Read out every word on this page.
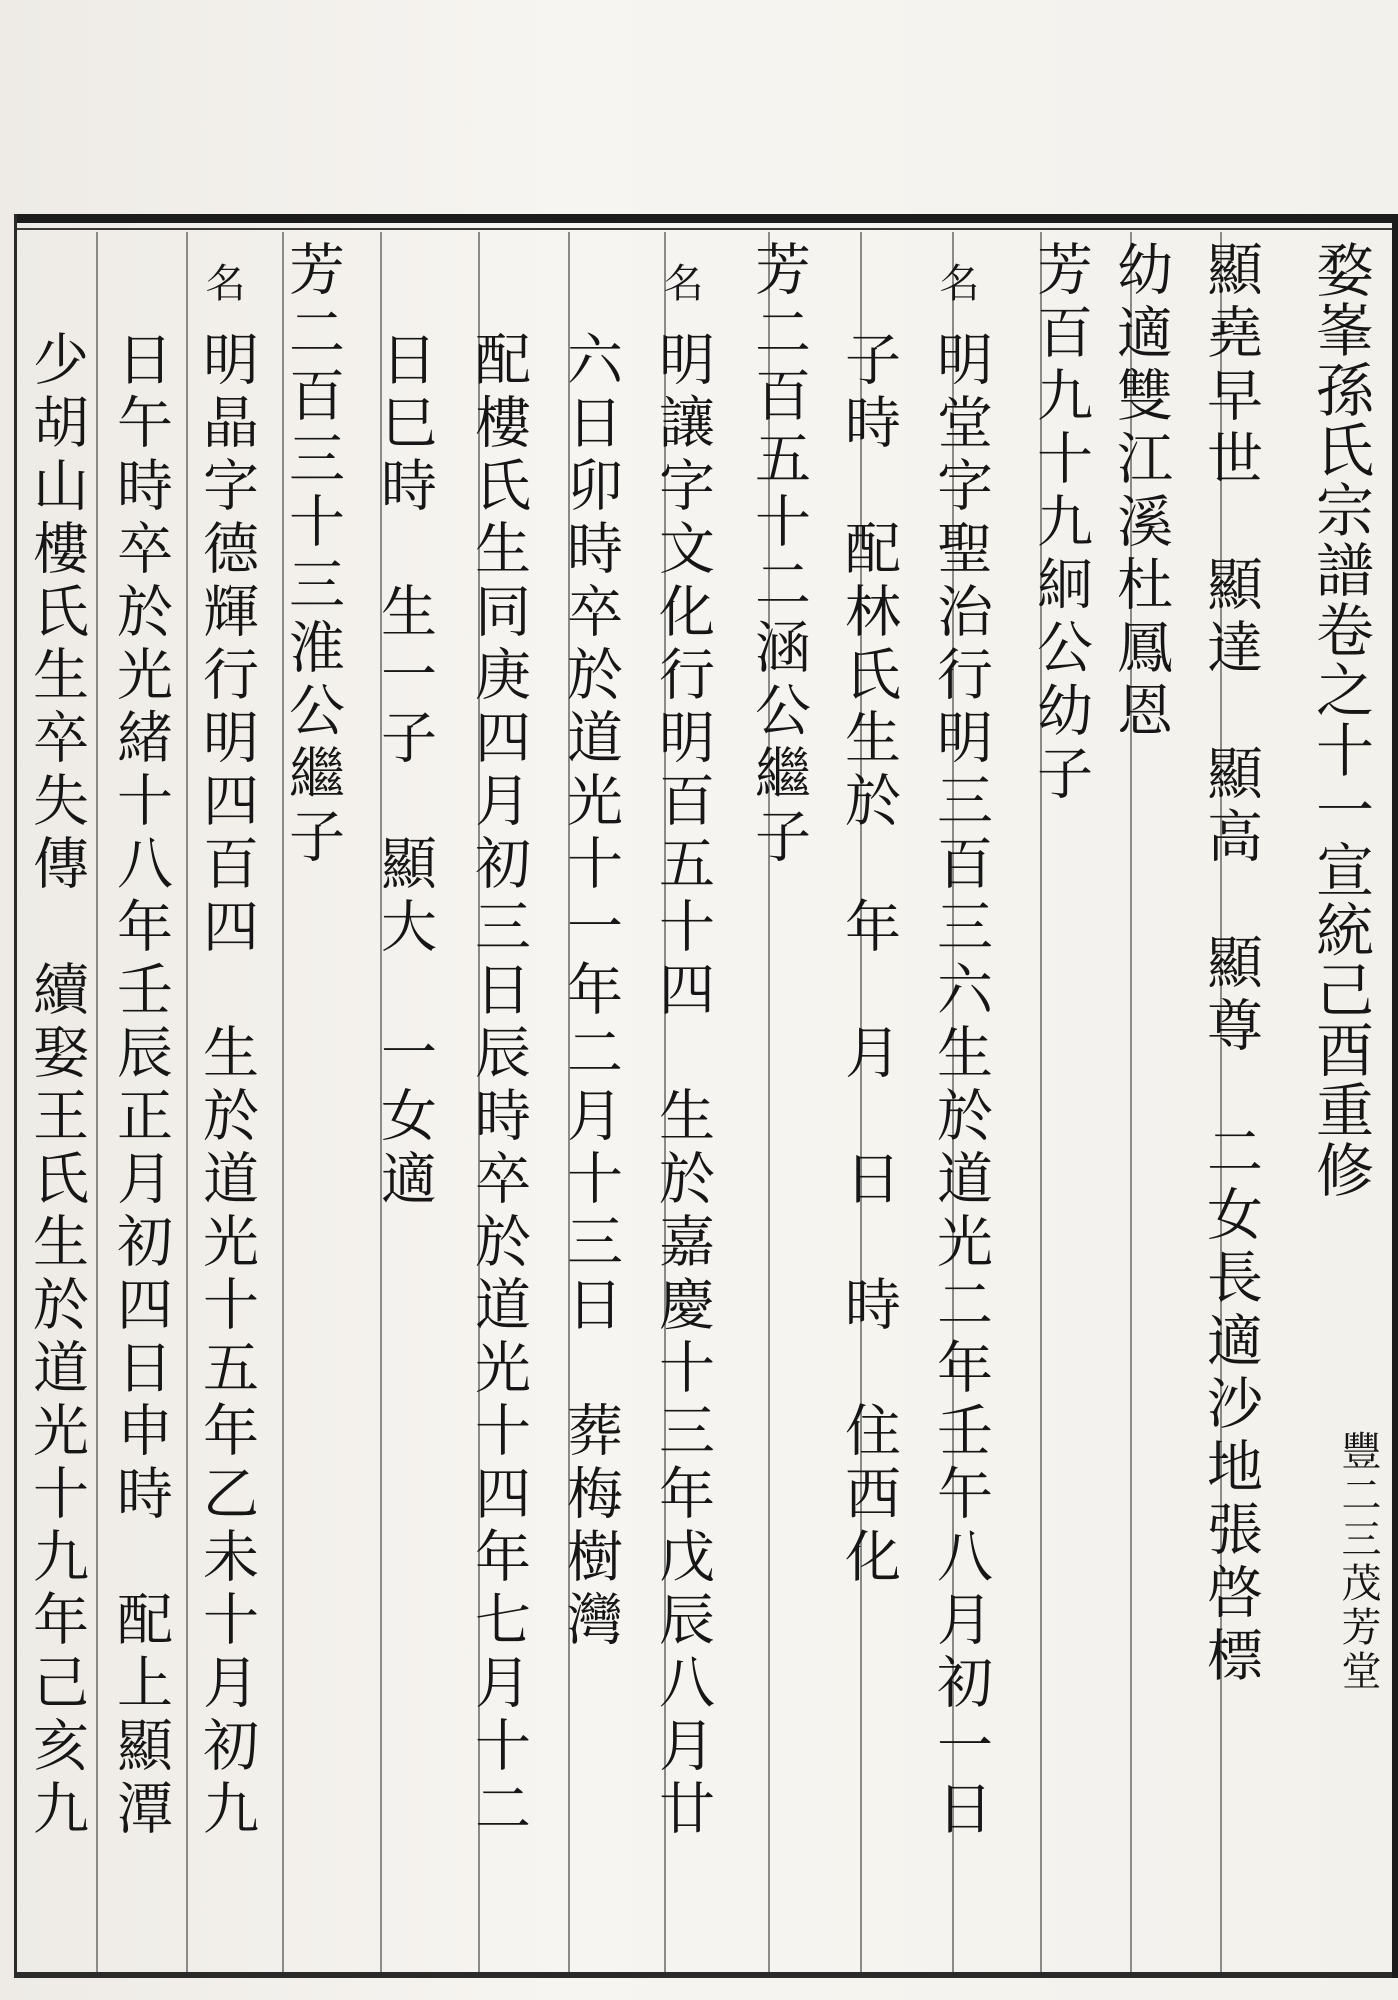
婺峯孫氏宗譜卷之十一宣統己酉重修
豐二三茂芳堂
顯堯早世　顯達　顯高　顯尊　二女長適沙地張啓標
幼適雙江溪杜鳳恩
芳百九十九絅公幼子
名
明堂字聖治行明三百三六生於道光二年壬午八月初一日
子時　配林氏生於　年　月　日　時　住西化
芳二百五十二涵公繼子
名
明讓字文化行明百五十四　生於嘉慶十三年戊辰八月廿
六日卯時卒於道光十一年二月十三日　葬梅樹灣
配樓氏生同庚四月初三日辰時卒於道光十四年七月十二
日巳時　生一子　顯大　一女適
芳二百三十三淮公繼子
名
明晶字德輝行明四百四　生於道光十五年乙未十月初九
日午時卒於光緒十八年壬辰正月初四日申時　配上顯潭
少胡山樓氏生卒失傳　續娶王氏生於道光十九年己亥九
